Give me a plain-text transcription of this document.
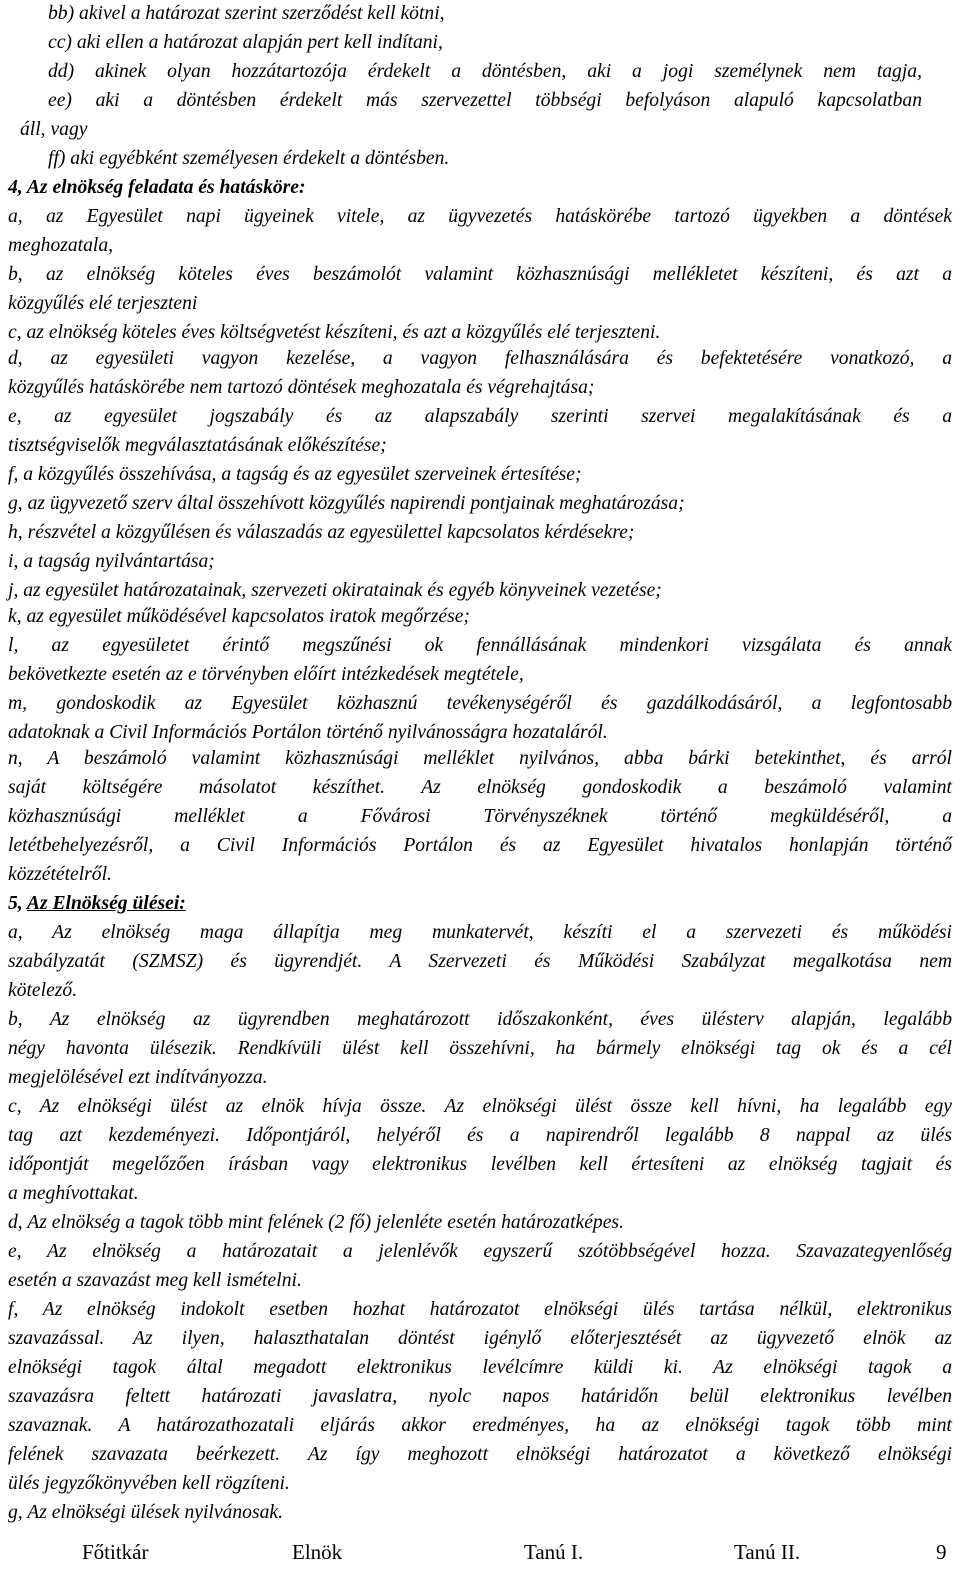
bb) akivel a határozat szerint szerződést kell kötni,
cc) aki ellen a határozat alapján pert kell indítani,
dd) akinek olyan hozzátartozója érdekelt a döntésben, aki a jogi személynek nem tagja,
ee) aki a döntésben érdekelt más szervezettel többségi befolyáson alapuló kapcsolatban
áll, vagy
ff) aki egyébként személyesen érdekelt a döntésben.
4, Az elnökség feladata és hatásköre:
a, az Egyesület napi ügyeinek vitele, az ügyvezetés hatáskörébe tartozó ügyekben a döntések
meghozatala,
b, az elnökség köteles éves beszámolót valamint közhasznúsági mellékletet készíteni, és azt a
közgyűlés elé terjeszteni
c, az elnökség köteles éves költségvetést készíteni, és azt a közgyűlés elé terjeszteni.
d, az egyesületi vagyon kezelése, a vagyon felhasználására és befektetésére vonatkozó, a
közgyűlés hatáskörébe nem tartozó döntések meghozatala és végrehajtása;
e, az egyesület jogszabály és az alapszabály szerinti szervei megalakításának és a
tisztségviselők megválasztatásának előkészítése;
f, a közgyűlés összehívása, a tagság és az egyesület szerveinek értesítése;
g, az ügyvezető szerv által összehívott közgyűlés napirendi pontjainak meghatározása;
h, részvétel a közgyűlésen és válaszadás az egyesülettel kapcsolatos kérdésekre;
i, a tagság nyilvántartása;
j, az egyesület határozatainak, szervezeti okiratainak és egyéb könyveinek vezetése;
k, az egyesület működésével kapcsolatos iratok megőrzése;
l, az egyesületet érintő megszűnési ok fennállásának mindenkori vizsgálata és annak
bekövetkezte esetén az e törvényben előírt intézkedések megtétele,
m, gondoskodik az Egyesület közhasznú tevékenységéről és gazdálkodásáról, a legfontosabb
adatoknak a Civil Információs Portálon történő nyilvánosságra hozataláról.
n, A beszámoló valamint közhasznúsági melléklet nyilvános, abba bárki betekinthet, és arról
saját költségére másolatot készíthet. Az elnökség gondoskodik a beszámoló valamint
közhasznúsági melléklet a Fővárosi Törvényszéknek történő megküldéséről, a
letétbehelyezésről, a Civil Információs Portálon és az Egyesület hivatalos honlapján történő
közzétételről.
5, Az Elnökség ülései:
a, Az elnökség maga állapítja meg munkatervét, készíti el a szervezeti és működési
szabályzatát (SZMSZ) és ügyrendjét. A Szervezeti és Működési Szabályzat megalkotása nem
kötelező.
b, Az elnökség az ügyrendben meghatározott időszakonként, éves ülésterv alapján, legalább
négy havonta ülésezik. Rendkívüli ülést kell összehívni, ha bármely elnökségi tag ok és a cél
megjelölésével ezt indítványozza.
c, Az elnökségi ülést az elnök hívja össze. Az elnökségi ülést össze kell hívni, ha legalább egy
tag azt kezdeményezi. Időpontjáról, helyéről és a napirendről legalább 8 nappal az ülés
időpontját megelőzően írásban vagy elektronikus levélben kell értesíteni az elnökség tagjait és
a meghívottakat.
d, Az elnökség a tagok több mint felének (2 fő) jelenléte esetén határozatképes.
e, Az elnökség a határozatait a jelenlévők egyszerű szótöbbségével hozza. Szavazategyenlőség
esetén a szavazást meg kell ismételni.
f, Az elnökség indokolt esetben hozhat határozatot elnökségi ülés tartása nélkül, elektronikus
szavazással. Az ilyen, halaszthatalan döntést igénylő előterjesztését az ügyvezető elnök az
elnökségi tagok által megadott elektronikus levélcímre küldi ki. Az elnökségi tagok a
szavazásra feltett határozati javaslatra, nyolc napos határidőn belül elektronikus levélben
szavaznak. A határozathozatali eljárás akkor eredményes, ha az elnökségi tagok több mint
felének szavazata beérkezett. Az így meghozott elnökségi határozatot a következő elnökségi
ülés jegyzőkönyvében kell rögzíteni.
g, Az elnökségi ülések nyilvánosak.
Főtitkár	Elnök	Tanú I.	Tanú II.	9
